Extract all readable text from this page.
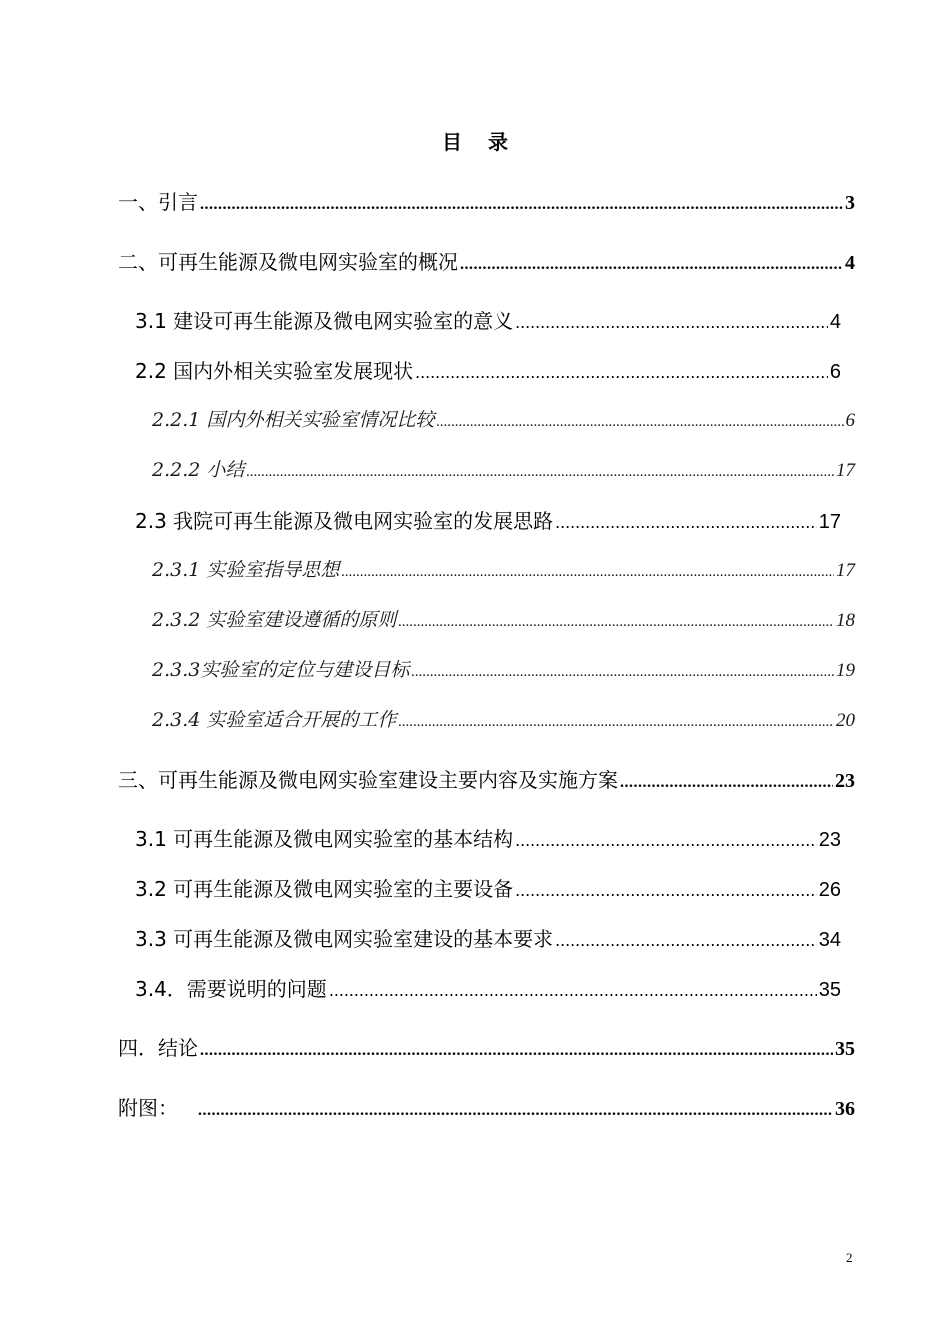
目 录
一、引言 .....	3
二、可再生能源及微电网实验室的概况 .....	4
3.1 建设可再生能源及微电网实验室的意义 .....	4
2.2 国内外相关实验室发展现状 .....	6
2.2.1 国内外相关实验室情况比较 .....	6
2.2.2 小结 .....	17
2.3 我院可再生能源及微电网实验室的发展思路 .....	17
2.3.1 实验室指导思想 .....	17
2.3.2 实验室建设遵循的原则 .....	18
2.3.3实验室的定位与建设目标 .....	19
2.3.4 实验室适合开展的工作 .....	20
三、可再生能源及微电网实验室建设主要内容及实施方案 .....	23
3.1 可再生能源及微电网实验室的基本结构 .....	23
3.2 可再生能源及微电网实验室的主要设备 .....	26
3.3 可再生能源及微电网实验室建设的基本要求 .....	34
3.4．需要说明的问题 .....	35
四．结论 .....	35
附图： .....	36
2
